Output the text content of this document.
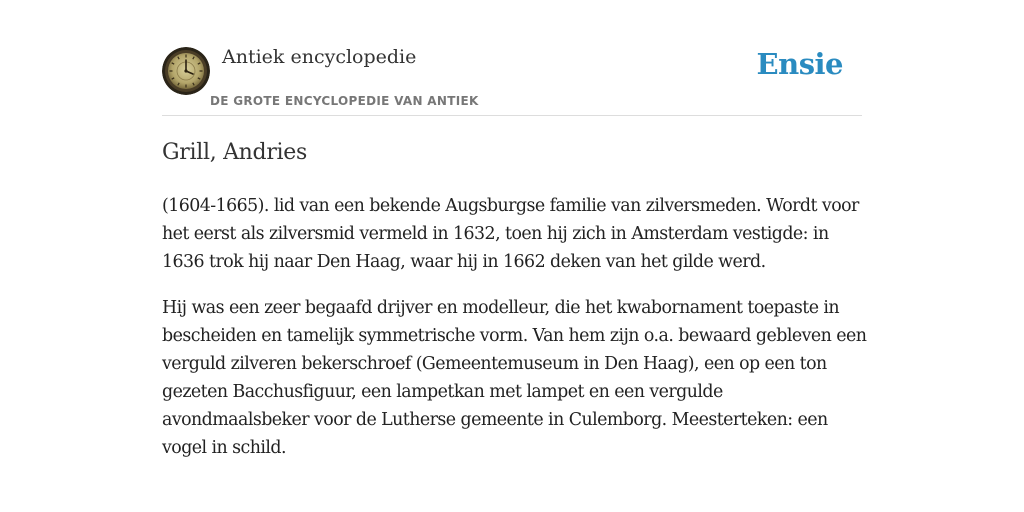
Antiek encyclopedie
DE GROTE ENCYCLOPEDIE VAN ANTIEK
Ensie
Grill, Andries

(1604-1665). lid van een bekende Augsburgse familie van zilversmeden. Wordt voor het eerst als zilversmid vermeld in 1632, toen hij zich in Amsterdam vestigde: in 1636 trok hij naar Den Haag, waar hij in 1662 deken van het gilde werd.

Hij was een zeer begaafd drijver en modelleur, die het kwabornament toepaste in bescheiden en tamelijk symmetrische vorm. Van hem zijn o.a. bewaard gebleven een verguld zilveren bekerschroef (Gemeentemuseum in Den Haag), een op een ton gezeten Bacchusfiguur, een lampetkan met lampet en een vergulde avondmaalsbeker voor de Lutherse gemeente in Culemborg. Meesterteken: een vogel in schild.
